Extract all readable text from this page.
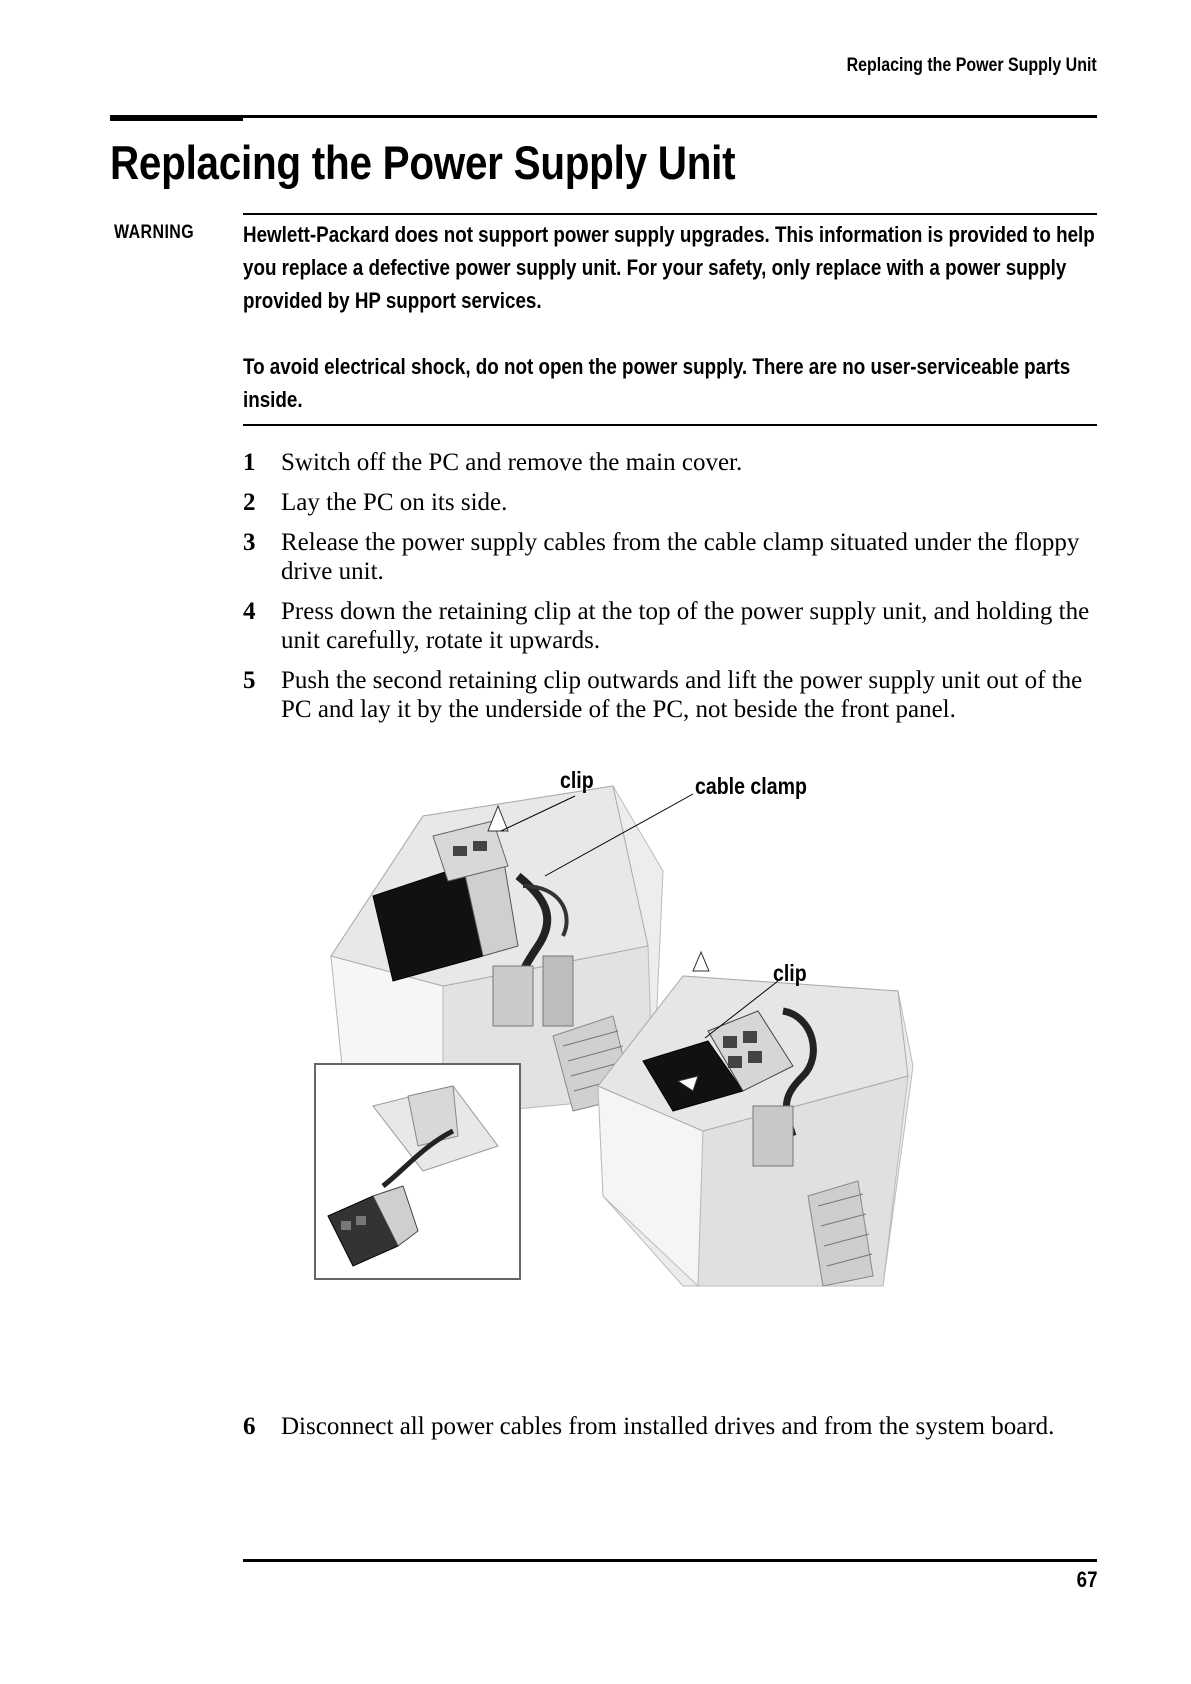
Replacing the Power Supply Unit
Replacing the Power Supply Unit
WARNING Hewlett-Packard does not support power supply upgrades. This information is provided to help you replace a defective power supply unit. For your safety, only replace with a power supply provided by HP support services.

To avoid electrical shock, do not open the power supply. There are no user-serviceable parts inside.

1	Switch off the PC and remove the main cover.
2	Lay the PC on its side.
3	Release the power supply cables from the cable clamp situated under the floppy drive unit.
4	Press down the retaining clip at the top of the power supply unit, and holding the unit carefully, rotate it upwards.
5	Push the second retaining clip outwards and lift the power supply unit out of the PC and lay it by the underside of the PC, not beside the front panel.
clip	cable clamp
clip
6	Disconnect all power cables from installed drives and from the system board.
67
